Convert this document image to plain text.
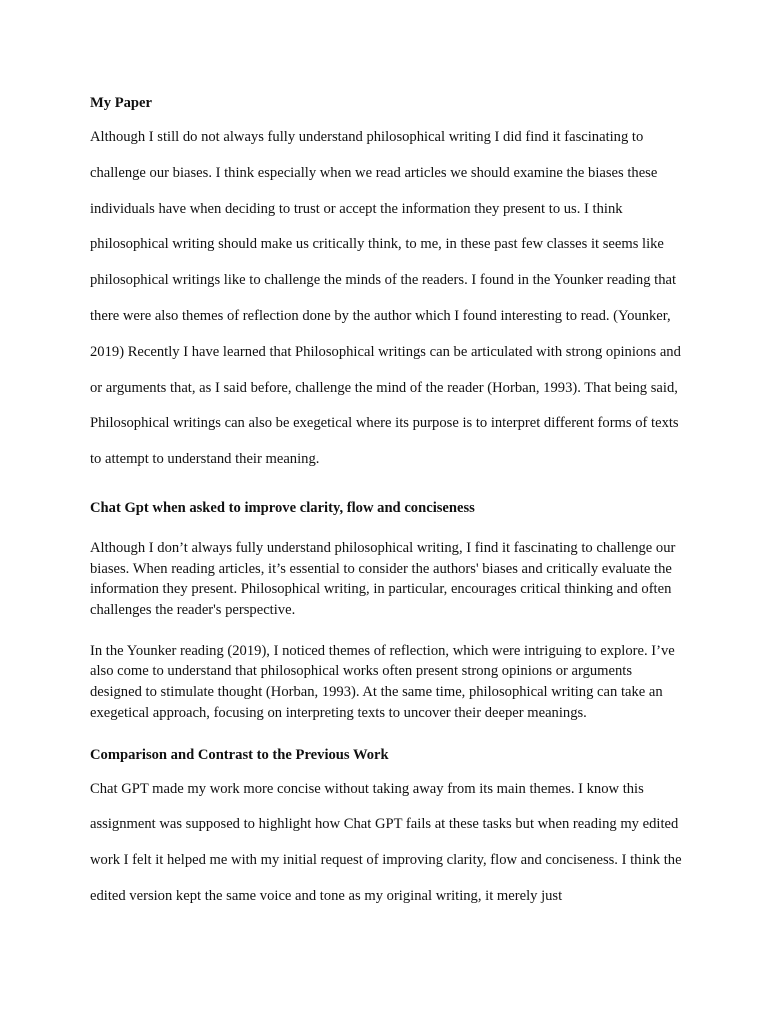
My Paper

Although I still do not always fully understand philosophical writing I did find it fascinating to challenge our biases. I think especially when we read articles we should examine the biases these individuals have when deciding to trust or accept the information they present to us. I think philosophical writing should make us critically think, to me, in these past few classes it seems like philosophical writings like to challenge the minds of the readers. I found in the Younker reading that there were also themes of reflection done by the author which I found interesting to read. (Younker, 2019) Recently I have learned that Philosophical writings can be articulated with strong opinions and or arguments that, as I said before, challenge the mind of the reader (Horban, 1993). That being said, Philosophical writings can also be exegetical where its purpose is to interpret different forms of texts to attempt to understand their meaning.

Chat Gpt when asked to improve clarity, flow and conciseness

Although I don’t always fully understand philosophical writing, I find it fascinating to challenge our biases. When reading articles, it’s essential to consider the authors' biases and critically evaluate the information they present. Philosophical writing, in particular, encourages critical thinking and often challenges the reader's perspective.

In the Younker reading (2019), I noticed themes of reflection, which were intriguing to explore. I’ve also come to understand that philosophical works often present strong opinions or arguments designed to stimulate thought (Horban, 1993). At the same time, philosophical writing can take an exegetical approach, focusing on interpreting texts to uncover their deeper meanings.

Comparison and Contrast to the Previous Work

Chat GPT made my work more concise without taking away from its main themes. I know this assignment was supposed to highlight how Chat GPT fails at these tasks but when reading my edited work I felt it helped me with my initial request of improving clarity, flow and conciseness. I think the edited version kept the same voice and tone as my original writing, it merely just
